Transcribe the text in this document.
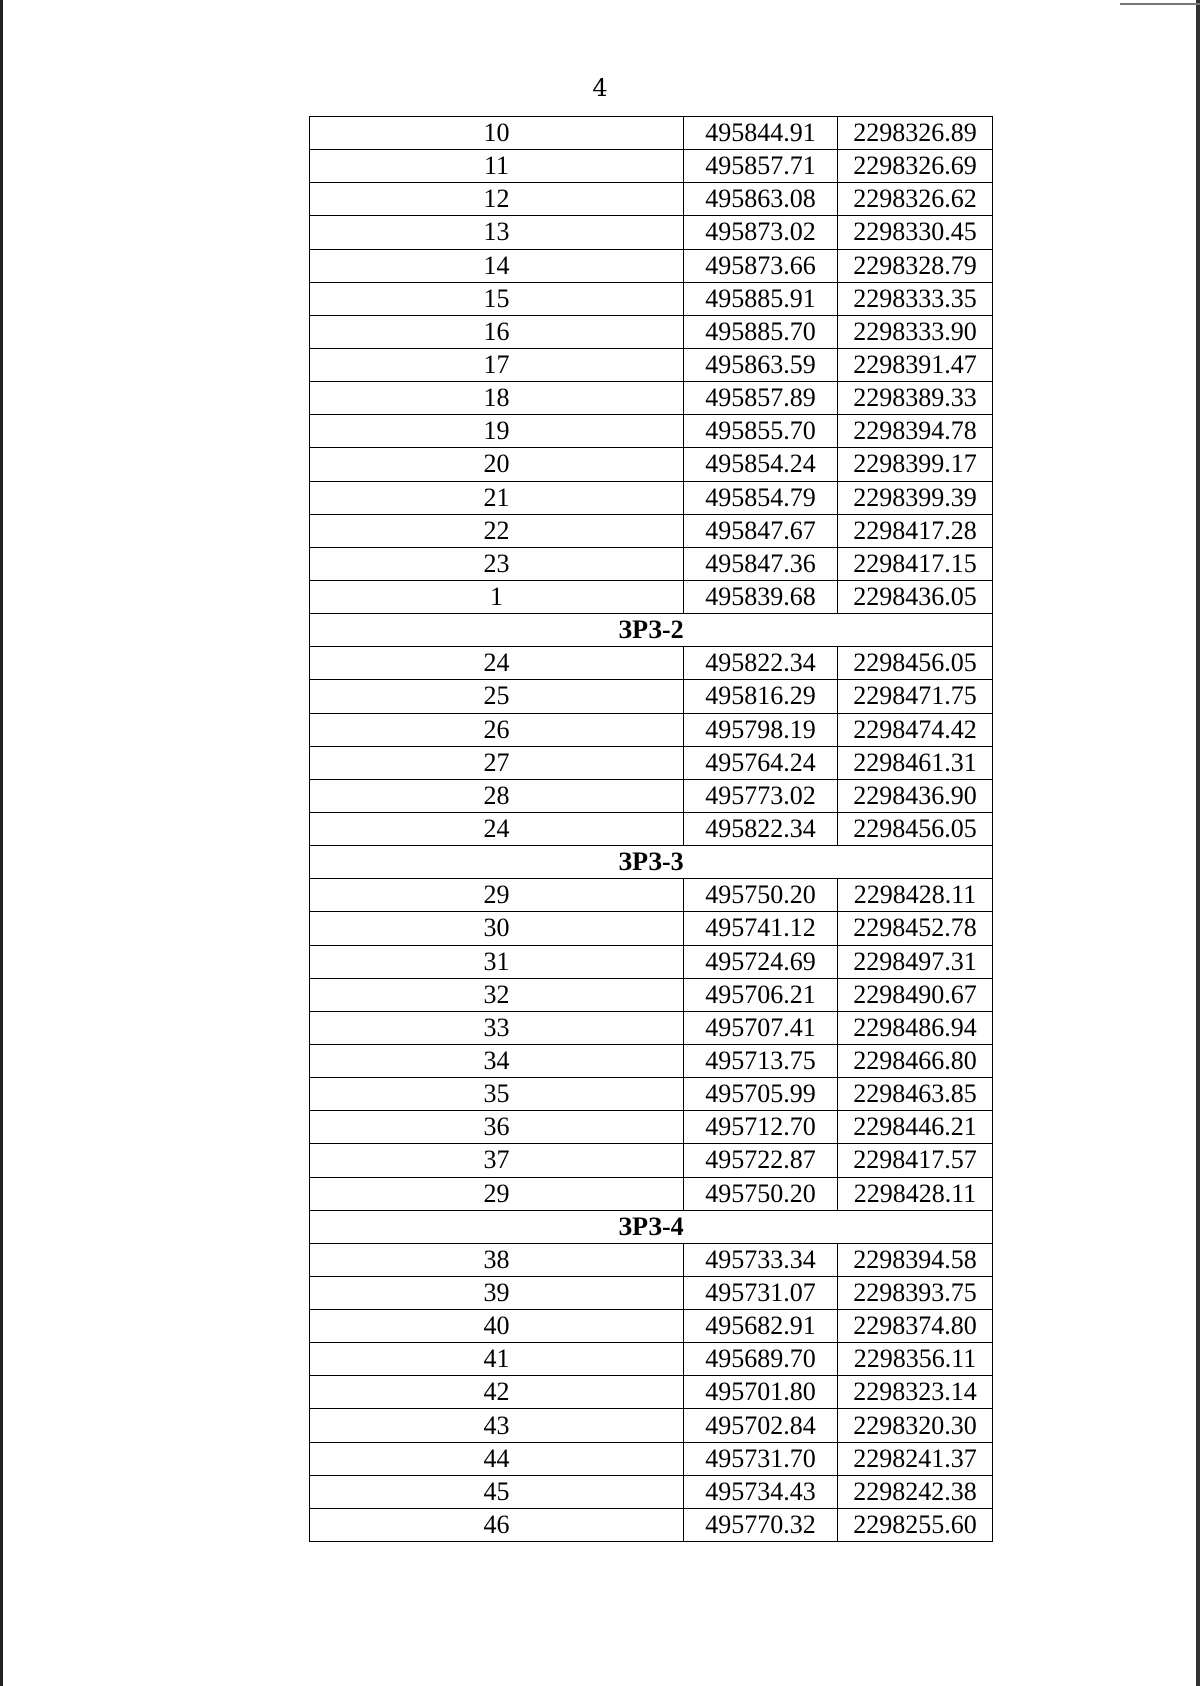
4
10	495844.91	2298326.89
11	495857.71	2298326.69
12	495863.08	2298326.62
13	495873.02	2298330.45
14	495873.66	2298328.79
15	495885.91	2298333.35
16	495885.70	2298333.90
17	495863.59	2298391.47
18	495857.89	2298389.33
19	495855.70	2298394.78
20	495854.24	2298399.17
21	495854.79	2298399.39
22	495847.67	2298417.28
23	495847.36	2298417.15
1	495839.68	2298436.05
ЗРЗ-2		
24	495822.34	2298456.05
25	495816.29	2298471.75
26	495798.19	2298474.42
27	495764.24	2298461.31
28	495773.02	2298436.90
24	495822.34	2298456.05
ЗРЗ-3		
29	495750.20	2298428.11
30	495741.12	2298452.78
31	495724.69	2298497.31
32	495706.21	2298490.67
33	495707.41	2298486.94
34	495713.75	2298466.80
35	495705.99	2298463.85
36	495712.70	2298446.21
37	495722.87	2298417.57
29	495750.20	2298428.11
ЗРЗ-4		
38	495733.34	2298394.58
39	495731.07	2298393.75
40	495682.91	2298374.80
41	495689.70	2298356.11
42	495701.80	2298323.14
43	495702.84	2298320.30
44	495731.70	2298241.37
45	495734.43	2298242.38
46	495770.32	2298255.60
